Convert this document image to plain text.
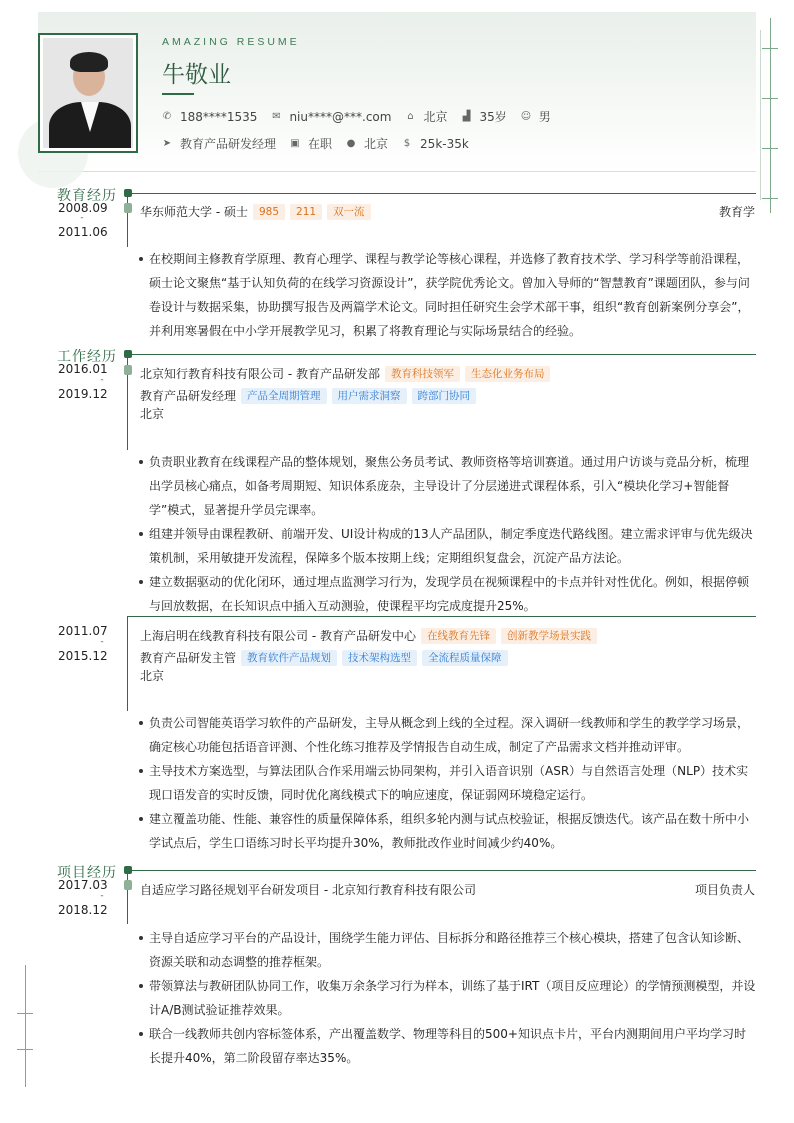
AMAZING RESUME
牛敬业
✆ 188****1535 ✉ niu****@***.com ⌂ 北京 ▟ 35岁 ☺ 男
➤ 教育产品研发经理 ▣ 在职 ● 北京 $ 25k-35k
教育经历
2008.09
-
2011.06
华东师范大学 - 硕士	985	211	双一流	教育学
在校期间主修教育学原理、教育心理学、课程与教学论等核心课程，并选修了教育技术学、学习科学等前沿课程，硕士论文聚焦“基于认知负荷的在线学习资源设计”，获学院优秀论文。曾加入导师的“智慧教育”课题团队，参与问卷设计与数据采集，协助撰写报告及两篇学术论文。同时担任研究生会学术部干事，组织“教育创新案例分享会”，并利用寒暑假在中小学开展教学见习，积累了将教育理论与实际场景结合的经验。
工作经历
2016.01
-
2019.12
北京知行教育科技有限公司 - 教育产品研发部	教育科技领军	生态化业务布局
教育产品研发经理	产品全周期管理	用户需求洞察	跨部门协同
北京
负责职业教育在线课程产品的整体规划，聚焦公务员考试、教师资格等培训赛道。通过用户访谈与竞品分析，梳理出学员核心痛点，如备考周期短、知识体系庞杂，主导设计了分层递进式课程体系，引入“模块化学习+智能督学”模式，显著提升学员完课率。
组建并领导由课程教研、前端开发、UI设计构成的13人产品团队，制定季度迭代路线图。建立需求评审与优先级决策机制，采用敏捷开发流程，保障多个版本按期上线；定期组织复盘会，沉淀产品方法论。
建立数据驱动的优化闭环，通过埋点监测学习行为，发现学员在视频课程中的卡点并针对性优化。例如，根据停顿与回放数据，在长知识点中插入互动测验，使课程平均完成度提升25%。
2011.07
-
2015.12
上海启明在线教育科技有限公司 - 教育产品研发中心	在线教育先锋	创新教学场景实践
教育产品研发主管	教育软件产品规划	技术架构选型	全流程质量保障
北京
负责公司智能英语学习软件的产品研发，主导从概念到上线的全过程。深入调研一线教师和学生的教学学习场景，确定核心功能包括语音评测、个性化练习推荐及学情报告自动生成，制定了产品需求文档并推动评审。
主导技术方案选型，与算法团队合作采用端云协同架构，并引入语音识别（ASR）与自然语言处理（NLP）技术实现口语发音的实时反馈，同时优化离线模式下的响应速度，保证弱网环境稳定运行。
建立覆盖功能、性能、兼容性的质量保障体系，组织多轮内测与试点校验证，根据反馈迭代。该产品在数十所中小学试点后，学生口语练习时长平均提升30%，教师批改作业时间减少约40%。
项目经历
2017.03
-
2018.12
自适应学习路径规划平台研发项目 - 北京知行教育科技有限公司	项目负责人
主导自适应学习平台的产品设计，围绕学生能力评估、目标拆分和路径推荐三个核心模块，搭建了包含认知诊断、资源关联和动态调整的推荐框架。
带领算法与教研团队协同工作，收集万余条学习行为样本，训练了基于IRT（项目反应理论）的学情预测模型，并设计A/B测试验证推荐效果。
联合一线教师共创内容标签体系，产出覆盖数学、物理等科目的500+知识点卡片，平台内测期间用户平均学习时长提升40%，第二阶段留存率达35%。
